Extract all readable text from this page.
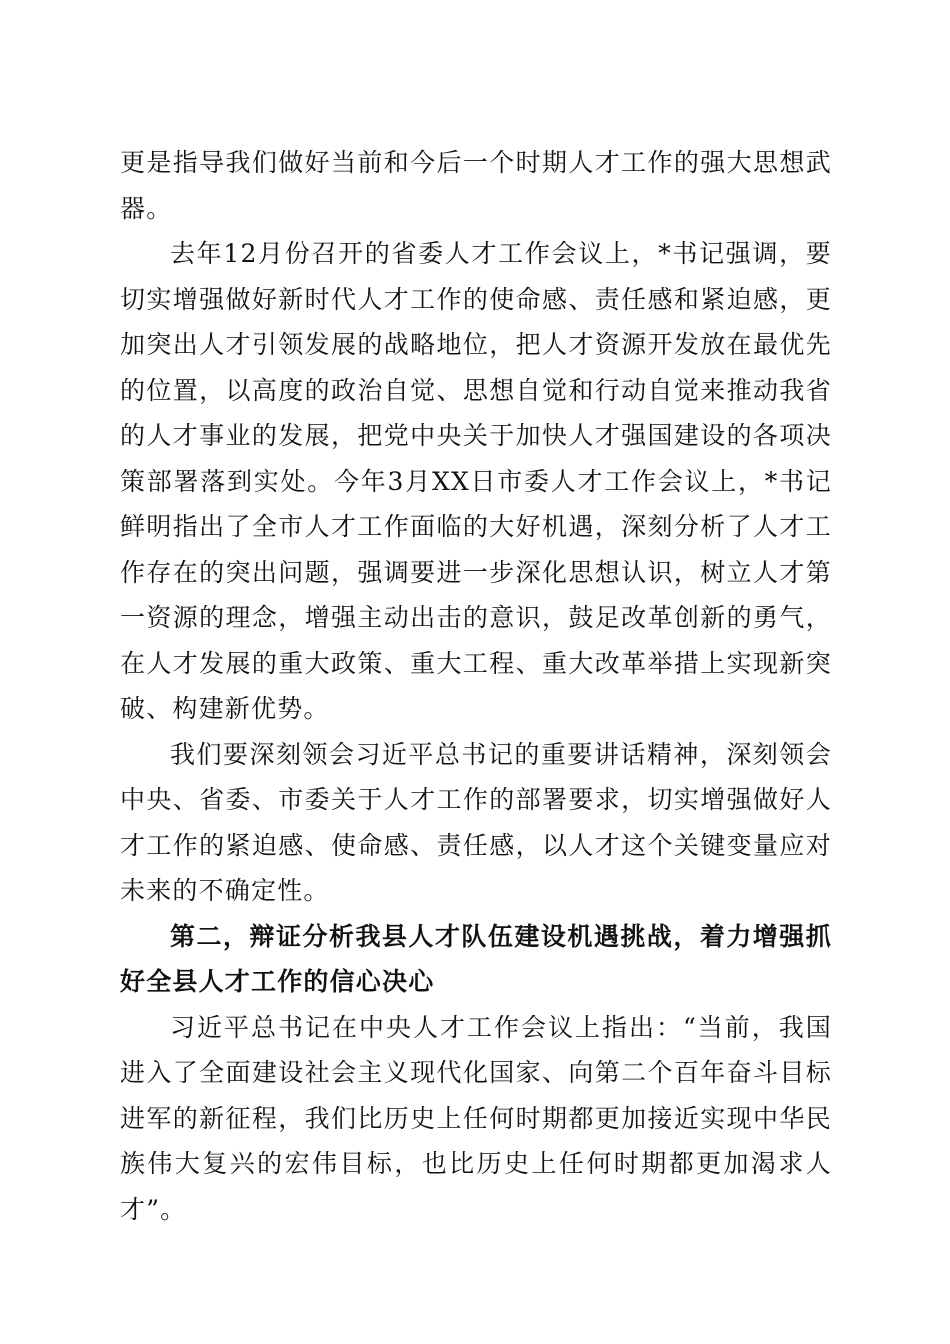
更是指导我们做好当前和今后一个时期人才工作的强大思想武器。

去年12月份召开的省委人才工作会议上，*书记强调，要切实增强做好新时代人才工作的使命感、责任感和紧迫感，更加突出人才引领发展的战略地位，把人才资源开发放在最优先的位置，以高度的政治自觉、思想自觉和行动自觉来推动我省的人才事业的发展，把党中央关于加快人才强国建设的各项决策部署落到实处。今年3月XX日市委人才工作会议上，*书记鲜明指出了全市人才工作面临的大好机遇，深刻分析了人才工作存在的突出问题，强调要进一步深化思想认识，树立人才第一资源的理念，增强主动出击的意识，鼓足改革创新的勇气，在人才发展的重大政策、重大工程、重大改革举措上实现新突破、构建新优势。

我们要深刻领会习近平总书记的重要讲话精神，深刻领会中央、省委、市委关于人才工作的部署要求，切实增强做好人才工作的紧迫感、使命感、责任感，以人才这个关键变量应对未来的不确定性。

第二，辩证分析我县人才队伍建设机遇挑战，着力增强抓好全县人才工作的信心决心

习近平总书记在中央人才工作会议上指出：“当前，我国进入了全面建设社会主义现代化国家、向第二个百年奋斗目标进军的新征程，我们比历史上任何时期都更加接近实现中华民族伟大复兴的宏伟目标，也比历史上任何时期都更加渴求人才”。
